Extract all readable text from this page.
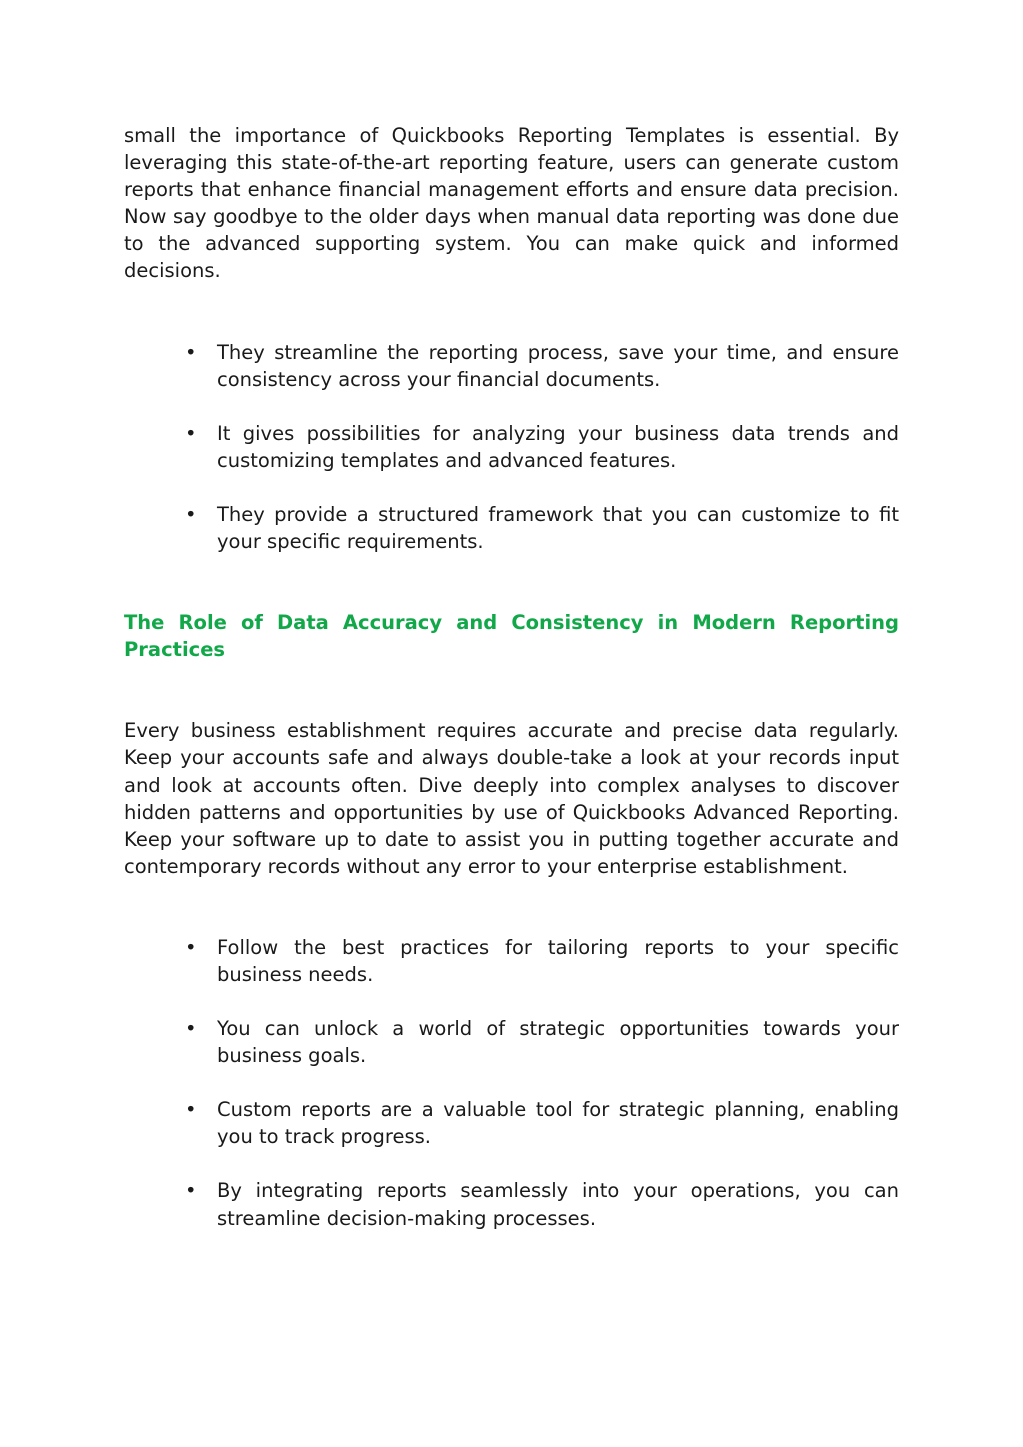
small the importance of Quickbooks Reporting Templates is essential. By leveraging this state-of-the-art reporting feature, users can generate custom reports that enhance financial management efforts and ensure data precision. Now say goodbye to the older days when manual data reporting was done due to the advanced supporting system. You can make quick and informed decisions.

• They streamline the reporting process, save your time, and ensure consistency across your financial documents.
• It gives possibilities for analyzing your business data trends and customizing templates and advanced features.
• They provide a structured framework that you can customize to fit your specific requirements.
The Role of Data Accuracy and Consistency in Modern Reporting Practices

Every business establishment requires accurate and precise data regularly. Keep your accounts safe and always double-take a look at your records input and look at accounts often. Dive deeply into complex analyses to discover hidden patterns and opportunities by use of Quickbooks Advanced Reporting. Keep your software up to date to assist you in putting together accurate and contemporary records without any error to your enterprise establishment.

• Follow the best practices for tailoring reports to your specific business needs.
• You can unlock a world of strategic opportunities towards your business goals.
• Custom reports are a valuable tool for strategic planning, enabling you to track progress.
• By integrating reports seamlessly into your operations, you can streamline decision-making processes.
